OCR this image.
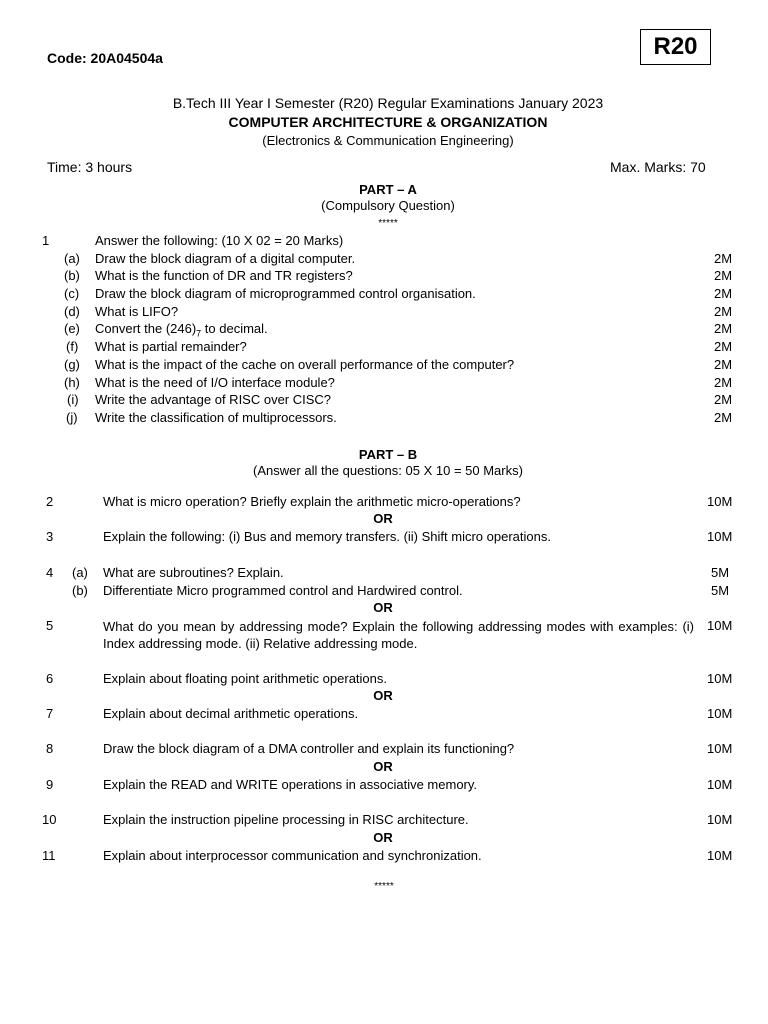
Code: 20A04504a	R20
B.Tech III Year I Semester (R20) Regular Examinations January 2023
COMPUTER ARCHITECTURE & ORGANIZATION
(Electronics & Communication Engineering)
Time: 3 hours	Max. Marks: 70
PART – A
(Compulsory Question)
*****
1	Answer the following: (10 X 02 = 20 Marks)
(a) Draw the block diagram of a digital computer.	2M
(b) What is the function of DR and TR registers?	2M
(c) Draw the block diagram of microprogrammed control organisation.	2M
(d) What is LIFO?	2M
(e) Convert the $(246)_7$ to decimal.	2M
(f) What is partial remainder?	2M
(g) What is the impact of the cache on overall performance of the computer?	2M
(h) What is the need of I/O interface module?	2M
(i) Write the advantage of RISC over CISC?	2M
(j) Write the classification of multiprocessors.	2M
PART – B
(Answer all the questions: 05 X 10 = 50 Marks)
2	What is micro operation? Briefly explain the arithmetic micro-operations?	10M
OR
3	Explain the following: (i) Bus and memory transfers. (ii) Shift micro operations.	10M
4 (a) What are subroutines? Explain.	5M
(b) Differentiate Micro programmed control and Hardwired control.	5M
OR
5	What do you mean by addressing mode? Explain the following addressing modes with examples: (i) Index addressing mode. (ii) Relative addressing mode.
10M
6	Explain about floating point arithmetic operations.	10M
OR
7	Explain about decimal arithmetic operations.	10M
8	Draw the block diagram of a DMA controller and explain its functioning?	10M
OR
9	Explain the READ and WRITE operations in associative memory.	10M
10	Explain the instruction pipeline processing in RISC architecture.	10M
OR
11	Explain about interprocessor communication and synchronization.	10M
*****
